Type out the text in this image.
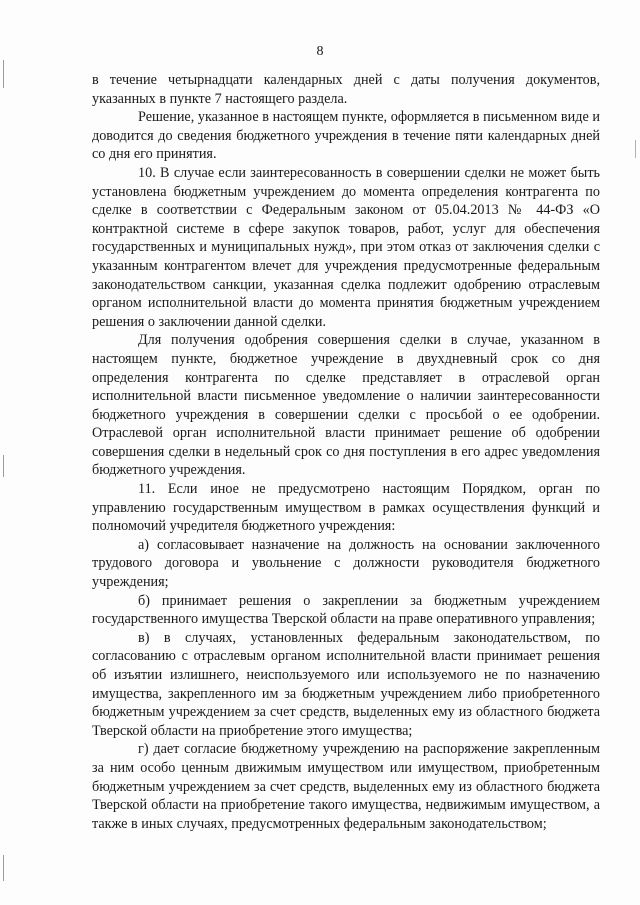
8

в течение четырнадцати календарных дней с даты получения документов, указанных в пункте 7 настоящего раздела.

Решение, указанное в настоящем пункте, оформляется в письменном виде и доводится до сведения бюджетного учреждения в течение пяти календарных дней со дня его принятия.

10. В случае если заинтересованность в совершении сделки не может быть установлена бюджетным учреждением до момента определения контрагента по сделке в соответствии с Федеральным законом от 05.04.2013 № 44-ФЗ «О контрактной системе в сфере закупок товаров, работ, услуг для обеспечения государственных и муниципальных нужд», при этом отказ от заключения сделки с указанным контрагентом влечет для учреждения предусмотренные федеральным законодательством санкции, указанная сделка подлежит одобрению отраслевым органом исполнительной власти до момента принятия бюджетным учреждением решения о заключении данной сделки.

Для получения одобрения совершения сделки в случае, указанном в настоящем пункте, бюджетное учреждение в двухдневный срок со дня определения контрагента по сделке представляет в отраслевой орган исполнительной власти письменное уведомление о наличии заинтересованности бюджетного учреждения в совершении сделки с просьбой о ее одобрении. Отраслевой орган исполнительной власти принимает решение об одобрении совершения сделки в недельный срок со дня поступления в его адрес уведомления бюджетного учреждения.

11. Если иное не предусмотрено настоящим Порядком, орган по управлению государственным имуществом в рамках осуществления функций и полномочий учредителя бюджетного учреждения:

а) согласовывает назначение на должность на основании заключенного трудового договора и увольнение с должности руководителя бюджетного учреждения;

б) принимает решения о закреплении за бюджетным учреждением государственного имущества Тверской области на праве оперативного управления;

в) в случаях, установленных федеральным законодательством, по согласованию с отраслевым органом исполнительной власти принимает решения об изъятии излишнего, неиспользуемого или используемого не по назначению имущества, закрепленного им за бюджетным учреждением либо приобретенного бюджетным учреждением за счет средств, выделенных ему из областного бюджета Тверской области на приобретение этого имущества;

г) дает согласие бюджетному учреждению на распоряжение закрепленным за ним особо ценным движимым имуществом или имуществом, приобретенным бюджетным учреждением за счет средств, выделенных ему из областного бюджета Тверской области на приобретение такого имущества, недвижимым имуществом, а также в иных случаях, предусмотренных федеральным законодательством;
